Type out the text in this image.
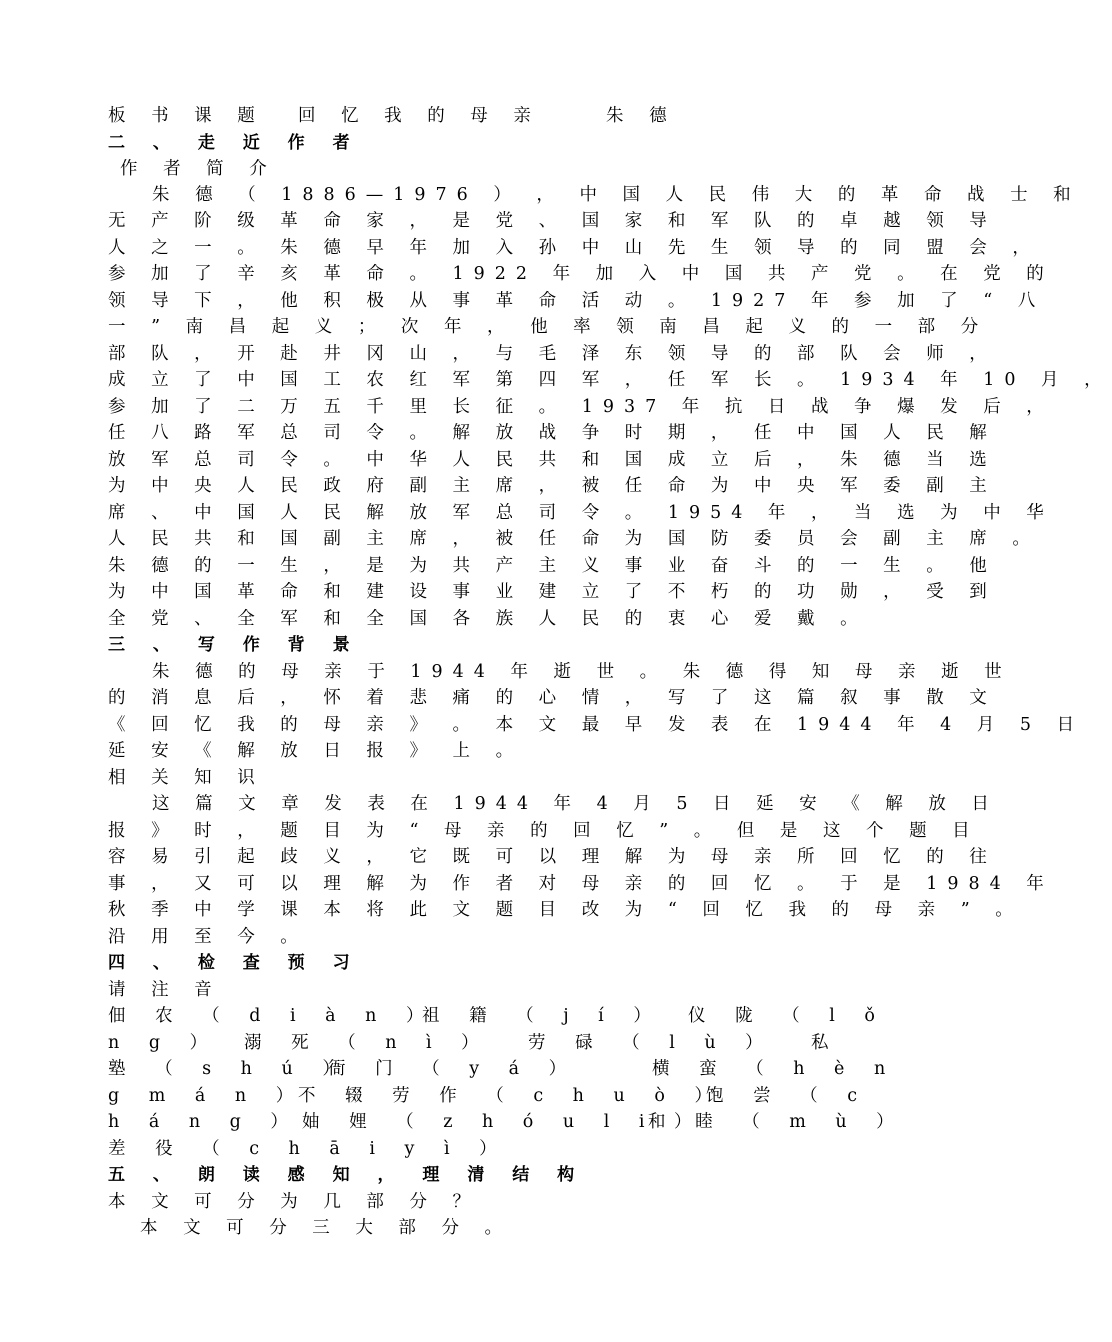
板 书 课 题	回 忆 我 的 母 亲	朱 德
二 、 走 近 作 者
作 者 简 介
朱 德 （ 1886—1976 ） ， 中 国 人 民 伟 大 的 革 命 战 士 和
无 产 阶 级 革 命 家 ， 是 党 、 国 家 和 军 队 的 卓 越 领 导
人 之 一 。 朱 德 早 年 加 入 孙 中 山 先 生 领 导 的 同 盟 会 ，
参 加 了 辛 亥 革 命 。 1922 年 加 入 中 国 共 产 党 。 在 党 的
领 导 下 ， 他 积 极 从 事 革 命 活 动 。 1927 年 参 加 了 “ 八
一 ” 南 昌 起 义 ； 次 年 ， 他 率 领 南 昌 起 义 的 一 部 分
部 队 ， 开 赴 井 冈 山 ， 与 毛 泽 东 领 导 的 部 队 会 师 ，
成 立 了 中 国 工 农 红 军 第 四 军 ， 任 军 长 。 1934 年 10 月 ，
参 加 了 二 万 五 千 里 长 征 。 1937 年 抗 日 战 争 爆 发 后 ，
任 八 路 军 总 司 令 。 解 放 战 争 时 期 ， 任 中 国 人 民 解
放 军 总 司 令 。 中 华 人 民 共 和 国 成 立 后 ， 朱 德 当 选
为 中 央 人 民 政 府 副 主 席 ， 被 任 命 为 中 央 军 委 副 主
席 、 中 国 人 民 解 放 军 总 司 令 。 1954 年 ， 当 选 为 中 华
人 民 共 和 国 副 主 席 ， 被 任 命 为 国 防 委 员 会 副 主 席 。
朱 德 的 一 生 ， 是 为 共 产 主 义 事 业 奋 斗 的 一 生 。 他
为 中 国 革 命 和 建 设 事 业 建 立 了 不 朽 的 功 勋 ， 受 到
全 党 、 全 军 和 全 国 各 族 人 民 的 衷 心 爱 戴 。
三 、 写 作 背 景
朱 德 的 母 亲 于 1944 年 逝 世 。 朱 德 得 知 母 亲 逝 世
的 消 息 后 ， 怀 着 悲 痛 的 心 情 ， 写 了 这 篇 叙 事 散 文
《 回 忆 我 的 母 亲 》 。 本 文 最 早 发 表 在 1944 年 4 月 5 日
延 安 《 解 放 日 报 》 上 。
相 关 知 识
这 篇 文 章 发 表 在 1944 年 4 月 5 日 延 安 《 解 放 日
报 》 时 ， 题 目 为 “ 母 亲 的 回 忆 ” 。 但 是 这 个 题 目
容 易 引 起 歧 义 ， 它 既 可 以 理 解 为 母 亲 所 回 忆 的 往
事 ， 又 可 以 理 解 为 作 者 对 母 亲 的 回 忆 。 于 是 1984 年
秋 季 中 学 课 本 将 此 文 题 目 改 为 “ 回 忆 我 的 母 亲 ” 。
沿 用 至 今 。
四 、 检 查 预 习
请 注 音
佃 农 （ d i à n ）
祖 籍 （ j í ） 仪 陇 （ l ǒ
n g ） 溺 死 （ n ì ） 劳 碌 （ l ù ） 私
塾 （ s h ú ）
衙 门 （ y á ）	横 蛮 （ h è n
g m á n ）
不 辍 劳 作 （ c h u ò ）
饱 尝 （ c
h á n g ） 妯 娌 （ z h ó u l i ）
和 睦 （ m ù ）
差 役 （ c h ā i y ì ）
五 、 朗 读 感 知 ， 理 清 结 构
本 文 可 分 为 几 部 分 ？
本 文 可 分 三 大 部 分 。
